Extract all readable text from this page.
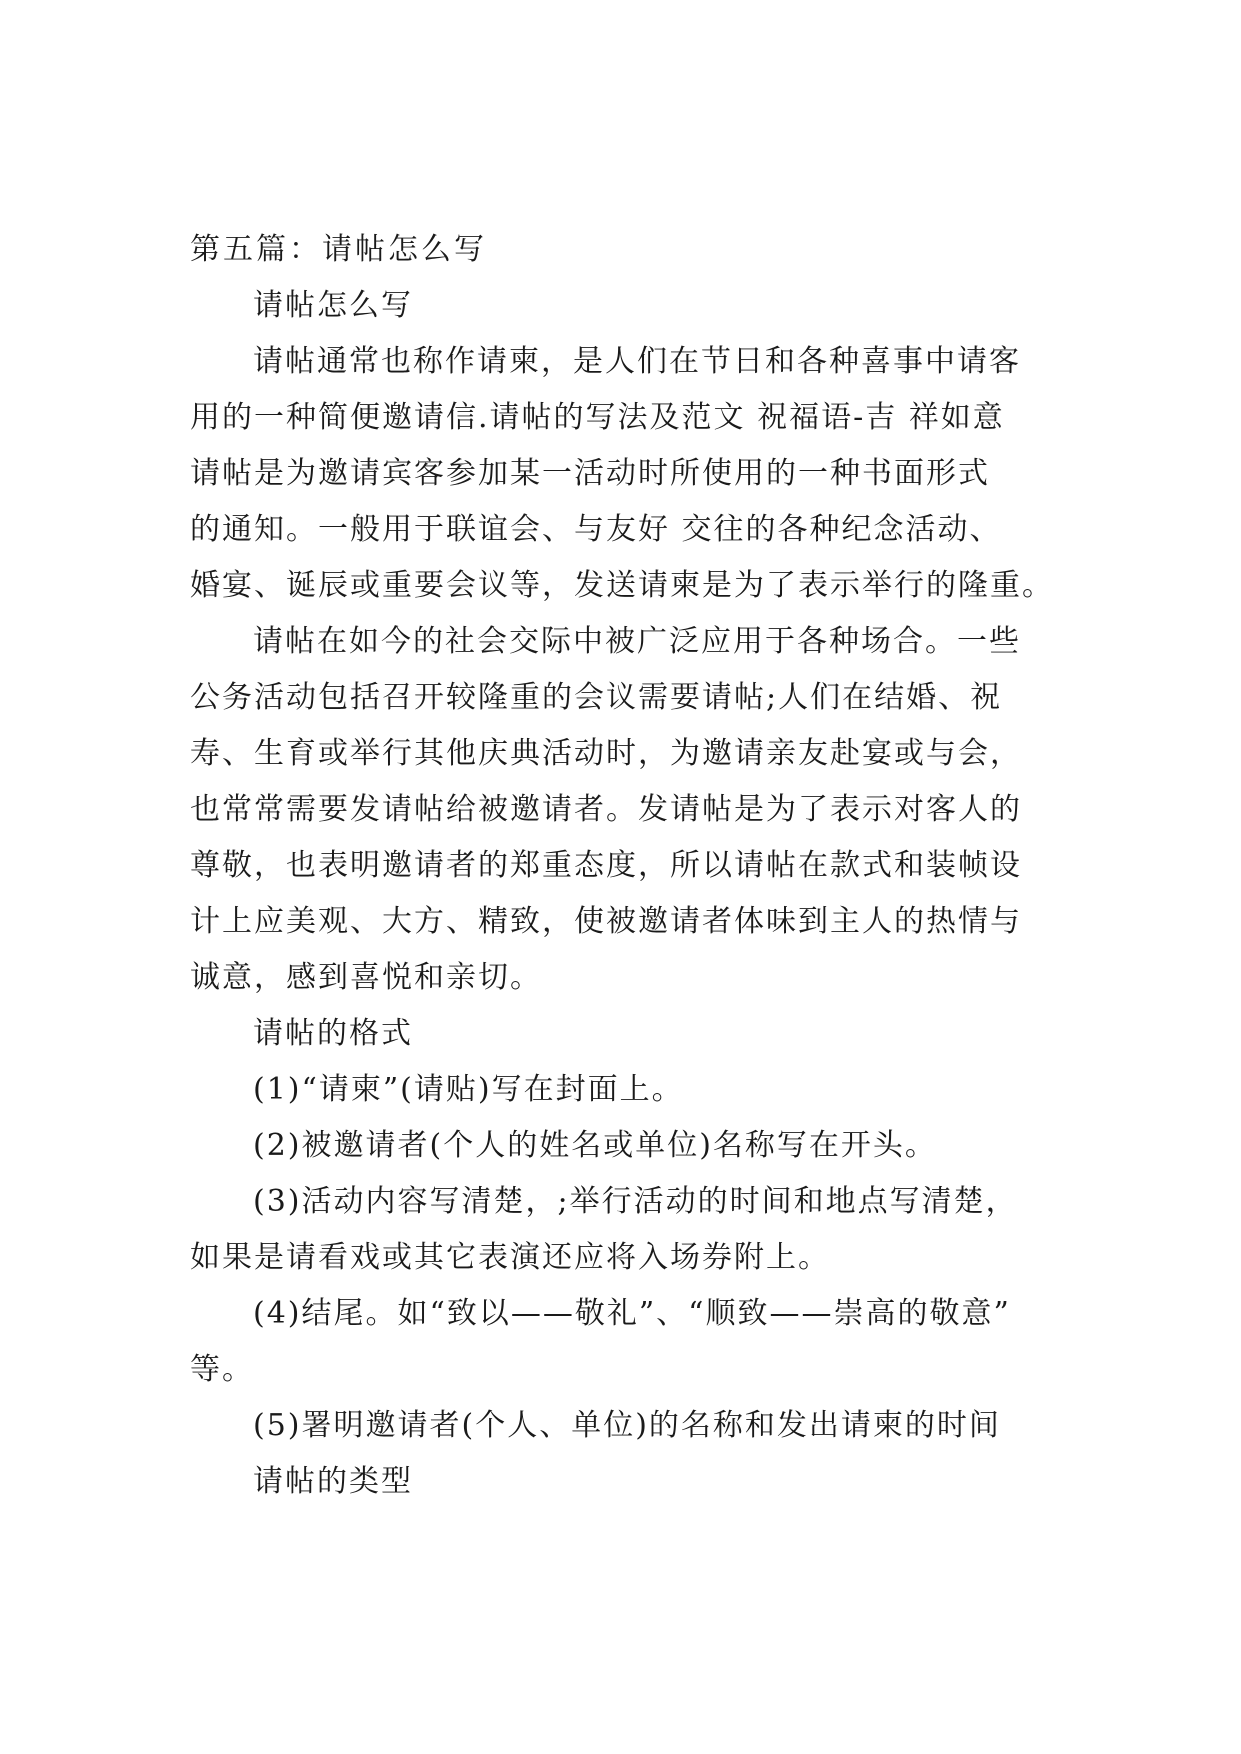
第五篇：请帖怎么写
请帖怎么写
请帖通常也称作请柬，是人们在节日和各种喜事中请客
用的一种简便邀请信.请帖的写法及范文 祝福语-吉 祥如意
请帖是为邀请宾客参加某一活动时所使用的一种书面形式
的通知。一般用于联谊会、与友好 交往的各种纪念活动、
婚宴、诞辰或重要会议等，发送请柬是为了表示举行的隆重。
请帖在如今的社会交际中被广泛应用于各种场合。一些
公务活动包括召开较隆重的会议需要请帖;人们在结婚、祝
寿、生育或举行其他庆典活动时，为邀请亲友赴宴或与会，
也常常需要发请帖给被邀请者。发请帖是为了表示对客人的
尊敬，也表明邀请者的郑重态度，所以请帖在款式和装帧设
计上应美观、大方、精致，使被邀请者体味到主人的热情与
诚意，感到喜悦和亲切。
请帖的格式
(1)“请柬”(请贴)写在封面上。
(2)被邀请者(个人的姓名或单位)名称写在开头。
(3)活动内容写清楚，;举行活动的时间和地点写清楚，
如果是请看戏或其它表演还应将入场券附上。
(4)结尾。如“致以——敬礼”、“顺致——崇高的敬意”
等。
(5)署明邀请者(个人、单位)的名称和发出请柬的时间
请帖的类型
